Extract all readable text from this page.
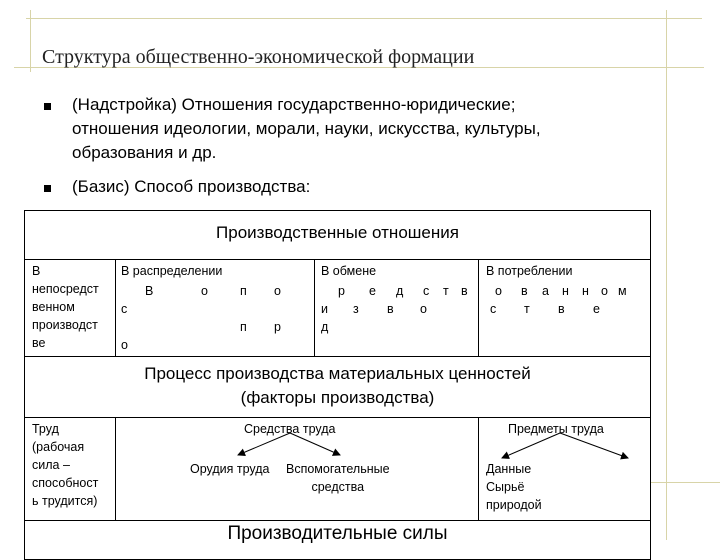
Структура общественно-экономической формации
(Надстройка) Отношения государственно-юридические;
отношения идеологии, морали, науки, искусства, культуры,
образования и др.
(Базис) Способ производства:
Производственные отношения
В
непосредст
венном
производст
ве
В распределении
В	о	п о
с
п р
о
В обмене
р е д с т в
и з в о
д
В потреблении
о в а н н о м
с т в е
Процесс производства материальных ценностей
(факторы производства)
Труд
(рабочая
сила –
способност
ь трудится)
Средства труда
Орудия труда Вспомогательные
средства
Предметы труда
Данные
Сырьё
природой
Производительные силы
